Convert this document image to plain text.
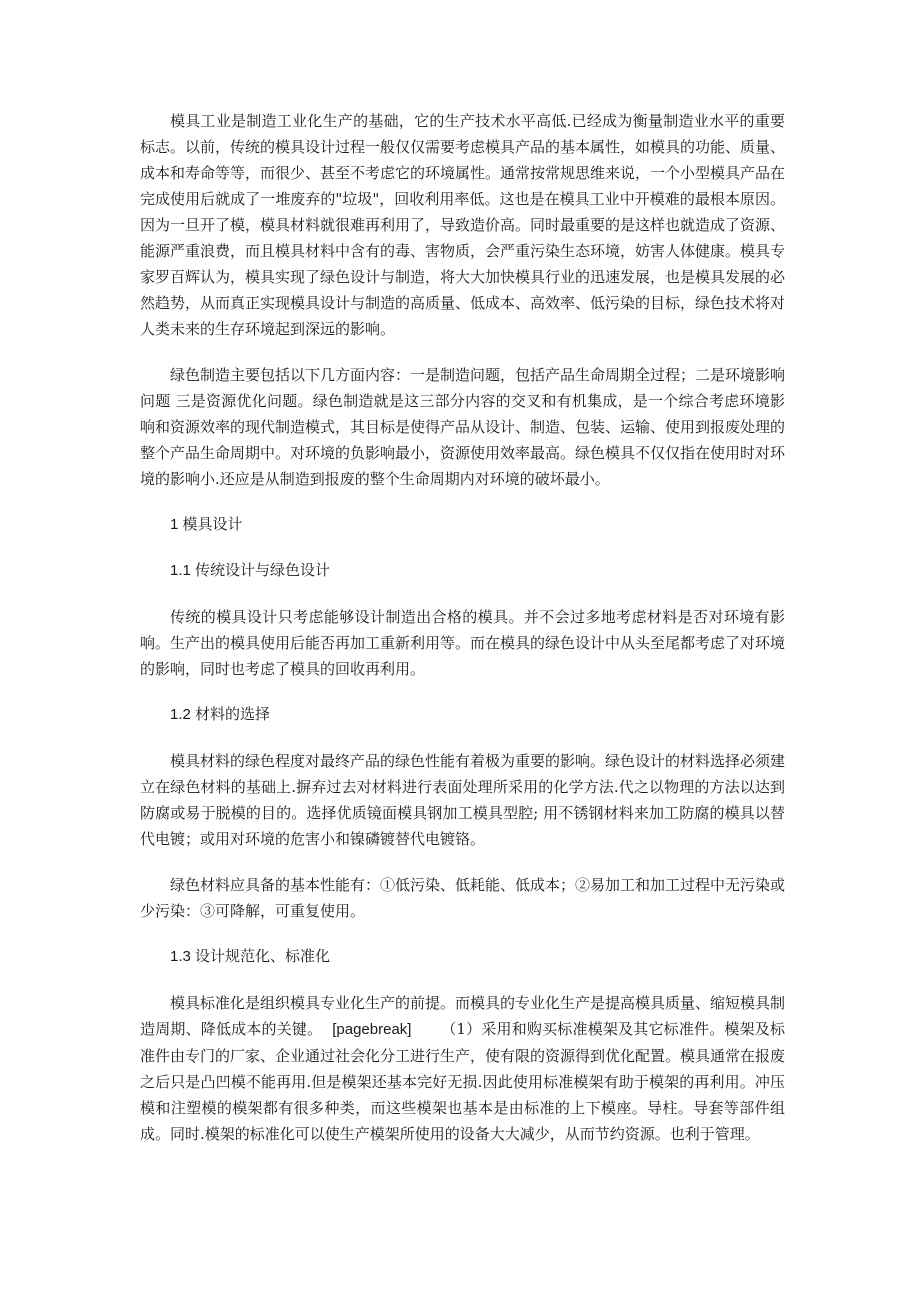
模具工业是制造工业化生产的基础，它的生产技术水平高低.已经成为衡量制造业水平的重要标志。以前，传统的模具设计过程一般仅仅需要考虑模具产品的基本属性，如模具的功能、质量、成本和寿命等等，而很少、甚至不考虑它的环境属性。通常按常规思维来说，一个小型模具产品在完成使用后就成了一堆废弃的"垃圾"，回收利用率低。这也是在模具工业中开模难的最根本原因。因为一旦开了模，模具材料就很难再利用了，导致造价高。同时最重要的是这样也就造成了资源、能源严重浪费，而且模具材料中含有的毒、害物质，会严重污染生态环境，妨害人体健康。模具专家罗百辉认为，模具实现了绿色设计与制造，将大大加快模具行业的迅速发展，也是模具发展的必然趋势，从而真正实现模具设计与制造的高质量、低成本、高效率、低污染的目标，绿色技术将对人类未来的生存环境起到深远的影响。

绿色制造主要包括以下几方面内容：一是制造问题，包括产品生命周期全过程；二是环境影响问题 三是资源优化问题。绿色制造就是这三部分内容的交叉和有机集成，是一个综合考虑环境影响和资源效率的现代制造模式，其目标是使得产品从设计、制造、包装、运输、使用到报废处理的整个产品生命周期中。对环境的负影响最小，资源使用效率最高。绿色模具不仅仅指在使用时对环境的影响小.还应是从制造到报废的整个生命周期内对环境的破坏最小。

1 模具设计

1.1 传统设计与绿色设计

传统的模具设计只考虑能够设计制造出合格的模具。并不会过多地考虑材料是否对环境有影响。生产出的模具使用后能否再加工重新利用等。而在模具的绿色设计中从头至尾都考虑了对环境的影响，同时也考虑了模具的回收再利用。

1.2 材料的选择

模具材料的绿色程度对最终产品的绿色性能有着极为重要的影响。绿色设计的材料选择必须建立在绿色材料的基础上.摒弃过去对材料进行表面处理所采用的化学方法.代之以物理的方法以达到防腐或易于脱模的目的。选择优质镜面模具钢加工模具型腔; 用不锈钢材料来加工防腐的模具以替代电镀；或用对环境的危害小和镍磷镀替代电镀铬。

绿色材料应具备的基本性能有：①低污染、低耗能、低成本；②易加工和加工过程中无污染或少污染：③可降解，可重复使用。

1.3 设计规范化、标准化

模具标准化是组织模具专业化生产的前提。而模具的专业化生产是提高模具质量、缩短模具制造周期、降低成本的关键。 [pagebreak] （1）采用和购买标准模架及其它标准件。模架及标准件由专门的厂家、企业通过社会化分工进行生产，使有限的资源得到优化配置。模具通常在报废之后只是凸凹模不能再用.但是模架还基本完好无损.因此使用标准模架有助于模架的再利用。冲压模和注塑模的模架都有很多种类，而这些模架也基本是由标准的上下模座。导柱。导套等部件组成。同时.模架的标准化可以使生产模架所使用的设备大大减少，从而节约资源。也利于管理。
